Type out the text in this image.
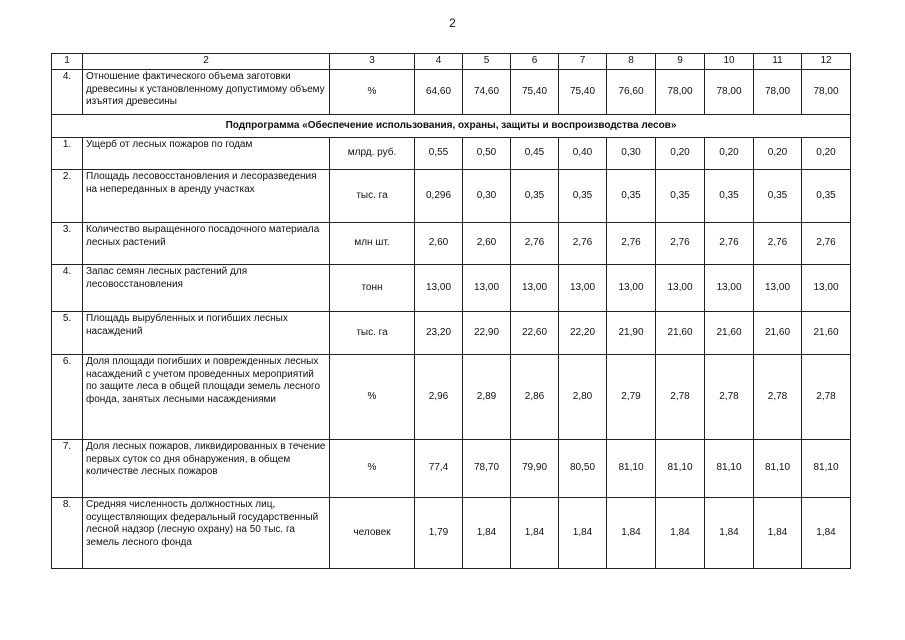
2
1	2	3	4	5	6	7	8	9	10	11	12
4.	Отношение фактического объема заготовки древесины к установленному допустимому объему изъятия древесины	%	64,60	74,60	75,40	75,40	76,60	78,00	78,00	78,00	78,00
Подпрограмма «Обеспечение использования, охраны, защиты и воспроизводства лесов»											
1.	Ущерб от лесных пожаров по годам	млрд. руб.	0,55	0,50	0,45	0,40	0,30	0,20	0,20	0,20	0,20
2.	Площадь лесовосстановления и лесоразведения на непереданных в аренду участках	тыс. га	0,296	0,30	0,35	0,35	0,35	0,35	0,35	0,35	0,35
3.	Количество выращенного посадочного материала лесных растений	млн шт.	2,60	2,60	2,76	2,76	2,76	2,76	2,76	2,76	2,76
4.	Запас семян лесных растений для лесовосстановления	тонн	13,00	13,00	13,00	13,00	13,00	13,00	13,00	13,00	13,00
5.	Площадь вырубленных и погибших лесных насаждений	тыс. га	23,20	22,90	22,60	22,20	21,90	21,60	21,60	21,60	21,60
6.	Доля площади погибших и поврежденных лесных насаждений с учетом проведенных мероприятий по защите леса в общей площади земель лесного фонда, занятых лесными насаждениями	%	2,96	2,89	2,86	2,80	2,79	2,78	2,78	2,78	2,78
7.	Доля лесных пожаров, ликвидированных в течение первых суток со дня обнаружения, в общем количестве лесных пожаров	%	77,4	78,70	79,90	80,50	81,10	81,10	81,10	81,10	81,10
8.	Средняя численность должностных лиц, осуществляющих федеральный государственный лесной надзор (лесную охрану) на 50 тыс. га земель лесного фонда	человек	1,79	1,84	1,84	1,84	1,84	1,84	1,84	1,84	1,84
